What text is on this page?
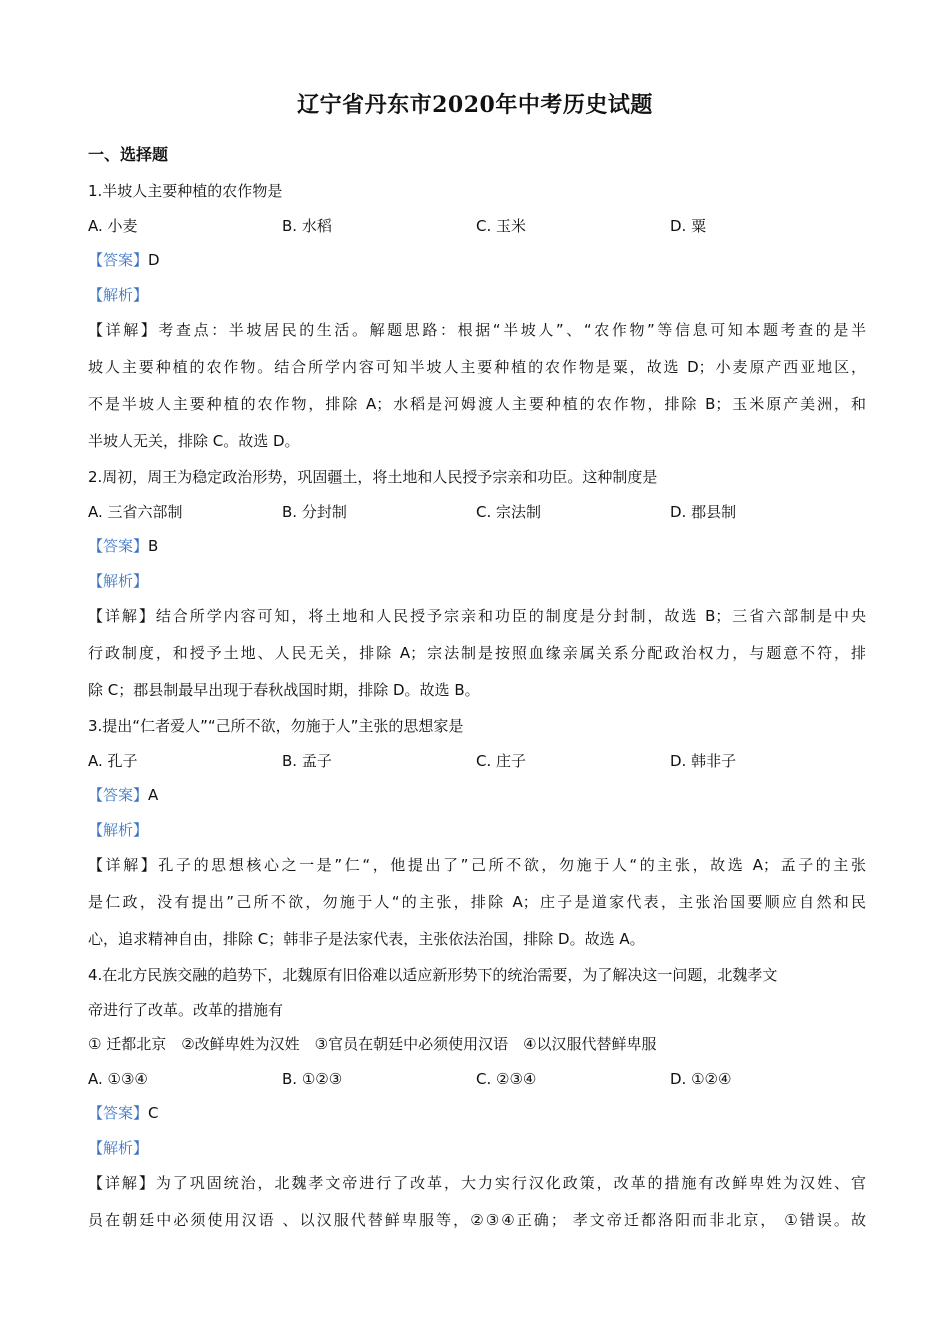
辽宁省丹东市2020年中考历史试题
一、选择题
1.半坡人主要种植的农作物是
A. 小麦	B. 水稻	C. 玉米	D. 粟
【答案】D
【解析】
【详解】考查点：半坡居民的生活。解题思路：根据“半坡人”、“农作物”等信息可知本题考查的是半
坡人主要种植的农作物。结合所学内容可知半坡人主要种植的农作物是粟，故选 D；小麦原产西亚地区，
不是半坡人主要种植的农作物，排除 A；水稻是河姆渡人主要种植的农作物，排除 B；玉米原产美洲，和
半坡人无关，排除 C。故选 D。
2.周初，周王为稳定政治形势，巩固疆土，将土地和人民授予宗亲和功臣。这种制度是
A. 三省六部制	B. 分封制	C. 宗法制	D. 郡县制
【答案】B
【解析】
【详解】结合所学内容可知，将土地和人民授予宗亲和功臣的制度是分封制，故选 B；三省六部制是中央
行政制度，和授予土地、人民无关，排除 A；宗法制是按照血缘亲属关系分配政治权力，与题意不符，排
除 C；郡县制最早出现于春秋战国时期，排除 D。故选 B。
3.提出“仁者爱人”“己所不欲，勿施于人”主张的思想家是
A. 孔子	B. 孟子	C. 庄子	D. 韩非子
【答案】A
【解析】
【详解】孔子的思想核心之一是”仁“，他提出了”己所不欲，勿施于人“的主张，故选 A；孟子的主张
是仁政，没有提出”己所不欲，勿施于人“的主张，排除 A；庄子是道家代表，主张治国要顺应自然和民
心，追求精神自由，排除 C；韩非子是法家代表，主张依法治国，排除 D。故选 A。
4.在北方民族交融的趋势下，北魏原有旧俗难以适应新形势下的统治需要，为了解决这一问题，北魏孝文
帝进行了改革。改革的措施有
① 迁都北京　②改鲜卑姓为汉姓　③官员在朝廷中必须使用汉语　④以汉服代替鲜卑服
A. ①③④	B. ①②③	C. ②③④	D. ①②④
【答案】C
【解析】
【详解】为了巩固统治，北魏孝文帝进行了改革，大力实行汉化政策，改革的措施有改鲜卑姓为汉姓、官
员在朝廷中必须使用汉语 、以汉服代替鲜卑服等，②③④正确； 孝文帝迁都洛阳而非北京， ①错误。故
